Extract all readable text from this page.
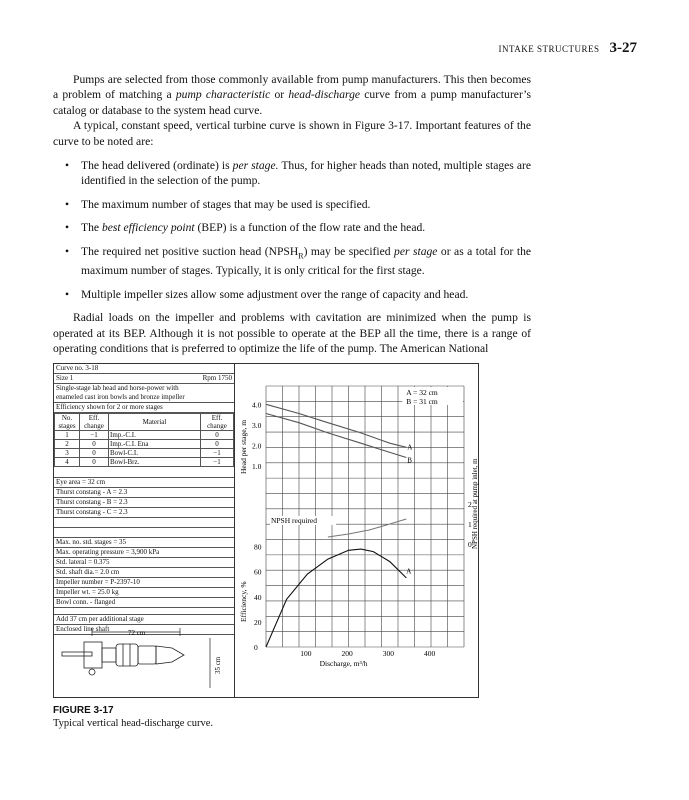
INTAKE STRUCTURES 3-27

Pumps are selected from those commonly available from pump manufacturers. This then becomes a problem of matching a pump characteristic or head-discharge curve from a pump manufacturer’s catalog or database to the system head curve.

A typical, constant speed, vertical turbine curve is shown in Figure 3-17. Important features of the curve to be noted are:

• The head delivered (ordinate) is per stage. Thus, for higher heads than noted, multiple stages are identified in the selection of the pump.
• The maximum number of stages that may be used is specified.
• The best efficiency point (BEP) is a function of the flow rate and the head.
• The required net positive suction head $(NPSH_R)$ may be specified per stage or as a total for the maximum number of stages. Typically, it is only critical for the first stage.
• Multiple impeller sizes allow some adjustment over the range of capacity and head.

Radial loads on the impeller and problems with cavitation are minimized when the pump is operated at its BEP. Although it is not possible to operate at the BEP all the time, there is a range of operating conditions that is preferred to optimize the life of the pump. The American National

Curve no. 3-18
Size 1	Rpm 1750
Single-stage lab head and horse-power with
enameled cast iron bowls and bronze impeller
Efficiency shown for 2 or more stages
No. stages	Eff. change	Material	Eff. change
1	−1	Imp.-C.I.	0
2	0	Imp.-C.I. Ena	0
3	0	Bowl-C.I.	−1
4	0	Bowl-Brz.	−1
Eye area = 32 cm
Thurst constang - A = 2.3
Thurst constang - B = 2.3
Thurst constang - C = 2.3
Max. no. std. stages = 35
Max. operating pressure = 3,900 kPa
Std. lateral = 0.375
Std. shaft dia.= 2.0 cm
Impeller number = P-2397-10
Impeller wt. = 25.0 kg
Bowl conn. - flanged
Add 37 cm per additional stage
Enclosed line shaft	72 cm
35 cm
1.0
2.0
3.0
4.0
Head per stage, m
0
20
40
60
80
Efficiency, %
0
1
2 NPSH required at pump inlet, m
100	200	300	400
Discharge, m³/h
A = 32 cm
B = 31 cm
NPSH required
A
B
A
FIGURE 3-17
Typical vertical head-discharge curve.
